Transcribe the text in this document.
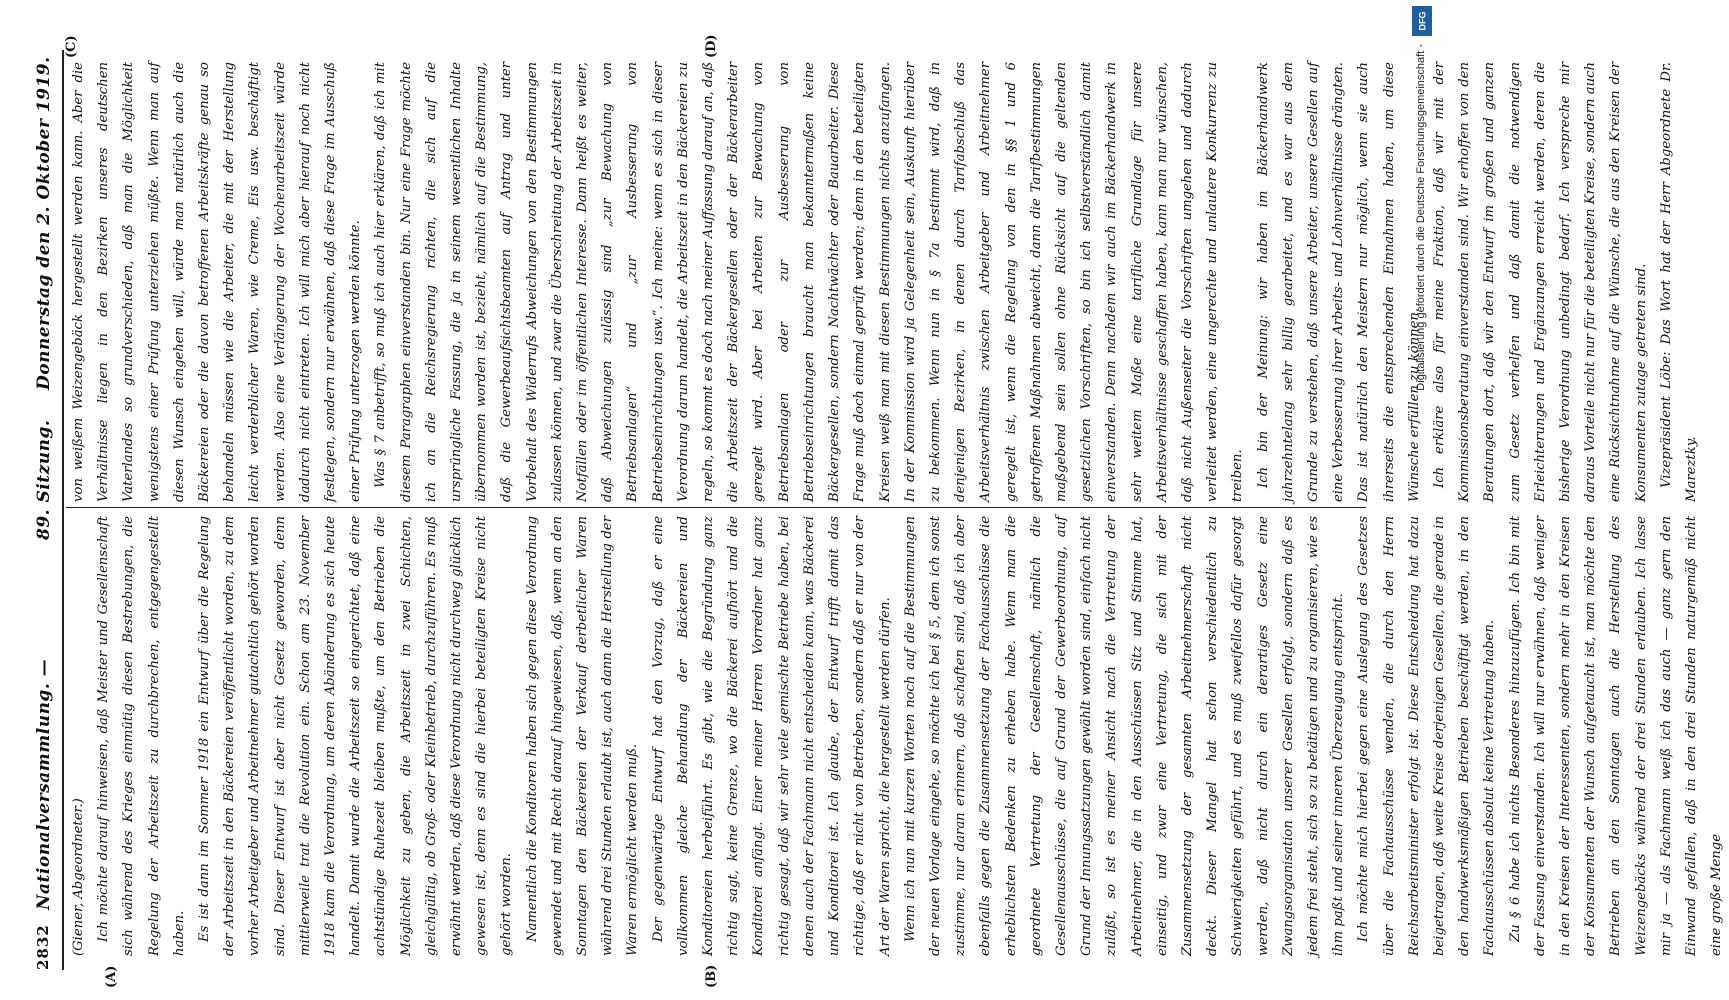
2832
Nationalversammlung. —
89. Sitzung.
Donnerstag den 2. Oktober 1919.
(A)	(B)
(C)	(D)

(Giener, Abgeordneter.) Ich möchte darauf hinweisen, daß Meister und Gesellenschaft sich während des Krieges einmütig diesen Bestrebungen, die Regelung der Arbeitszeit zu durchbrechen, entgegengestellt haben. Es ist dann im Sommer 1918 ein Entwurf über die Regelung der Arbeitszeit in den Bäckereien veröffentlicht worden, zu dem vorher Arbeitgeber und Arbeitnehmer gutachtlich gehört worden sind. Dieser Entwurf ist aber nicht Gesetz geworden, denn mittlerweile trat die Revolution ein. Schon am 23. November 1918 kam die Verordnung, um deren Abänderung es sich heute handelt. Damit wurde die Arbeitszeit so eingerichtet, daß eine achtstündige Ruhezeit bleiben mußte, um den Betrieben die Möglichkeit zu geben, die Arbeitszeit in zwei Schichten, gleichgültig, ob Groß- oder Kleinbetrieb, durchzuführen. Es muß erwähnt werden, daß diese Verordnung nicht durchweg glücklich gewesen ist, denn es sind die hierbei beteiligten Kreise nicht gehört worden. Namentlich die Konditoren haben sich gegen diese Verordnung gewendet und mit Recht darauf hingewiesen, daß, wenn an den Sonntagen den Bäckereien der Verkauf derbetlicher Waren während drei Stunden erlaubt ist, auch dann die Herstellung der Waren ermöglicht werden muß. Der gegenwärtige Entwurf hat den Vorzug, daß er eine vollkommen gleiche Behandlung der Bäckereien und Konditoreien herbeiführt. Es gibt, wie die Begründung ganz richtig sagt, keine Grenze, wo die Bäckerei aufhört und die Konditorei anfängt. Einer meiner Herren Vorredner hat ganz richtig gesagt, daß wir sehr viele gemischte Betriebe haben, bei denen auch der Fachmann nicht entscheiden kann, was Bäckerei und Konditorei ist. Ich glaube, der Entwurf trifft damit das richtige, daß er nicht von Betrieben, sondern daß er nur von der Art der Waren spricht, die hergestellt werden dürfen. Wenn ich nun mit kurzen Worten noch auf die Bestimmungen der neuen Vorlage eingehe, so möchte ich bei § 5, dem ich sonst zustimme, nur daran erinnern, daß schaften sind, daß ich aber ebenfalls gegen die Zusammensetzung der Fachausschüsse die erheblichsten Bedenken zu erheben habe. Wenn man die geordnete Vertretung der Gesellenschaft, nämlich die Gesellenausschüsse, die auf Grund der Gewerbeordnung, auf Grund der Innungssatzungen gewählt worden sind, einfach nicht zuläßt, so ist es meiner Ansicht nach die Vertretung der Arbeitnehmer, die in den Ausschüssen Sitz und Stimme hat, einseitig, und zwar eine Vertretung, die sich mit der Zusammensetzung der gesamten Arbeitnehmerschaft nicht deckt. Dieser Mangel hat schon verschiedentlich zu Schwierigkeiten geführt, und es muß zweifellos dafür gesorgt werden, daß nicht durch ein derartiges Gesetz eine Zwangsorganisation unserer Gesellen erfolgt, sondern daß es jedem frei steht, sich so zu betätigen und zu organisieren, wie es ihm paßt und seiner inneren Überzeugung entspricht. Ich möchte mich hierbei gegen eine Auslegung des Gesetzes über die Fachausschüsse wenden, die durch den Herrn Reichsarbeitsminister erfolgt ist. Diese Entscheidung hat dazu beigetragen, daß weite Kreise derjenigen Gesellen, die gerade in den handwerksmäßigen Betrieben beschäftigt werden, in den Fachausschüssen absolut keine Vertretung haben. Zu § 6 habe ich nichts Besonderes hinzuzufügen. Ich bin mit der Fassung einverstanden. Ich will nur erwähnen, daß weniger in den Kreisen der Interessenten, sondern mehr in den Kreisen der Konsumenten der Wunsch aufgetaucht ist, man möchte den Betrieben an den Sonntagen auch die Herstellung des Weizengebäcks während der drei Stunden erlauben. Ich lasse mir ja — als Fachmann weiß ich das auch — ganz gern den Einwand gefallen, daß in den drei Stunden naturgemäß nicht eine große Menge

von weißem Weizengebäck hergestellt werden kann. Aber die Verhältnisse liegen in den Bezirken unseres deutschen Vaterlandes so grundverschieden, daß man die Möglichkeit wenigstens einer Prüfung unterziehen müßte. Wenn man auf diesen Wunsch eingehen will, würde man natürlich auch die Bäckereien oder die davon betroffenen Arbeitskräfte genau so behandeln müssen wie die Arbeiter, die mit der Herstellung leicht verderblicher Waren, wie Creme, Eis usw. beschäftigt werden. Also eine Verlängerung der Wochenarbeitszeit würde dadurch nicht eintreten. Ich will mich aber hierauf noch nicht festlegen, sondern nur erwähnen, daß diese Frage im Ausschuß einer Prüfung unterzogen werden könnte. Was § 7 anbetrifft, so muß ich auch hier erklären, daß ich mit diesem Paragraphen einverstanden bin. Nur eine Frage möchte ich an die Reichsregierung richten, die sich auf die ursprüngliche Fassung, die ja in seinem wesentlichen Inhalte übernommen worden ist, bezieht, nämlich auf die Bestimmung, daß die Gewerbeaufsichtsbeamten auf Antrag und unter Vorbehalt des Widerrufs Abweichungen von den Bestimmungen zulassen können, und zwar die Überschreitung der Arbeitszeit in Notfällen oder im öffentlichen Interesse. Dann heißt es weiter, daß Abweichungen zulässig sind „zur Bewachung von Betriebsanlagen“ und „zur Ausbesserung von Betriebseinrichtungen usw.“. Ich meine: wenn es sich in dieser Verordnung darum handelt, die Arbeitszeit in den Bäckereien zu regeln, so kommt es doch nach meiner Auffassung darauf an, daß die Arbeitszeit der Bäckergesellen oder der Bäckerarbeiter geregelt wird. Aber bei Arbeiten zur Bewachung von Betriebsanlagen oder zur Ausbesserung von Betriebseinrichtungen braucht man bekanntermaßen keine Bäckergesellen, sondern Nachtwächter oder Bauarbeiter. Diese Frage muß doch einmal geprüft werden; denn in den beteiligten Kreisen weiß man mit diesen Bestimmungen nichts anzufangen. In der Kommission wird ja Gelegenheit sein, Auskunft hierüber zu bekommen. Wenn nun in § 7a bestimmt wird, daß in denjenigen Bezirken, in denen durch Tarifabschluß das Arbeitsverhältnis zwischen Arbeitgeber und Arbeitnehmer geregelt ist, wenn die Regelung von den in §§ 1 und 6 getroffenen Maßnahmen abweicht, dann die Tarifbestimmungen maßgebend sein sollen ohne Rücksicht auf die geltenden gesetzlichen Vorschriften, so bin ich selbstverständlich damit einverstanden. Denn nachdem wir auch im Bäckerhandwerk in sehr weitem Maße eine tarifliche Grundlage für unsere Arbeitsverhältnisse geschaffen haben, kann man nur wünschen, daß nicht Außenseiter die Vorschriften umgehen und dadurch verleitet werden, eine ungerechte und unlautere Konkurrenz zu treiben. Ich bin der Meinung: wir haben im Bäckerhandwerk jahrzehntelang sehr billig gearbeitet, und es war aus dem Grunde zu verstehen, daß unsere Arbeiter, unsere Gesellen auf eine Verbesserung ihrer Arbeits- und Lohnverhältnisse drängten. Das ist natürlich den Meistern nur möglich, wenn sie auch ihrerseits die entsprechenden Einnahmen haben, um diese Wünsche erfüllen zu können. Ich erkläre also für meine Fraktion, daß wir mit der Kommissionsberatung einverstanden sind. Wir erhoffen von den Beratungen dort, daß wir den Entwurf im großen und ganzen zum Gesetz verhelfen und daß damit die notwendigen Erleichterungen und Ergänzungen erreicht werden, deren die bisherige Verordnung unbedingt bedarf. Ich verspreche mir daraus Vorteile nicht nur für die beteiligten Kreise, sondern auch eine Rücksichtnahme auf die Wünsche, die aus den Kreisen der Konsumenten zutage getreten sind. Vizepräsident Löbe: Das Wort hat der Herr Abgeordnete Dr. Mareztky.

DFG
Digitalisierung gefördert durch die Deutsche Forschungsgemeinschaft -
